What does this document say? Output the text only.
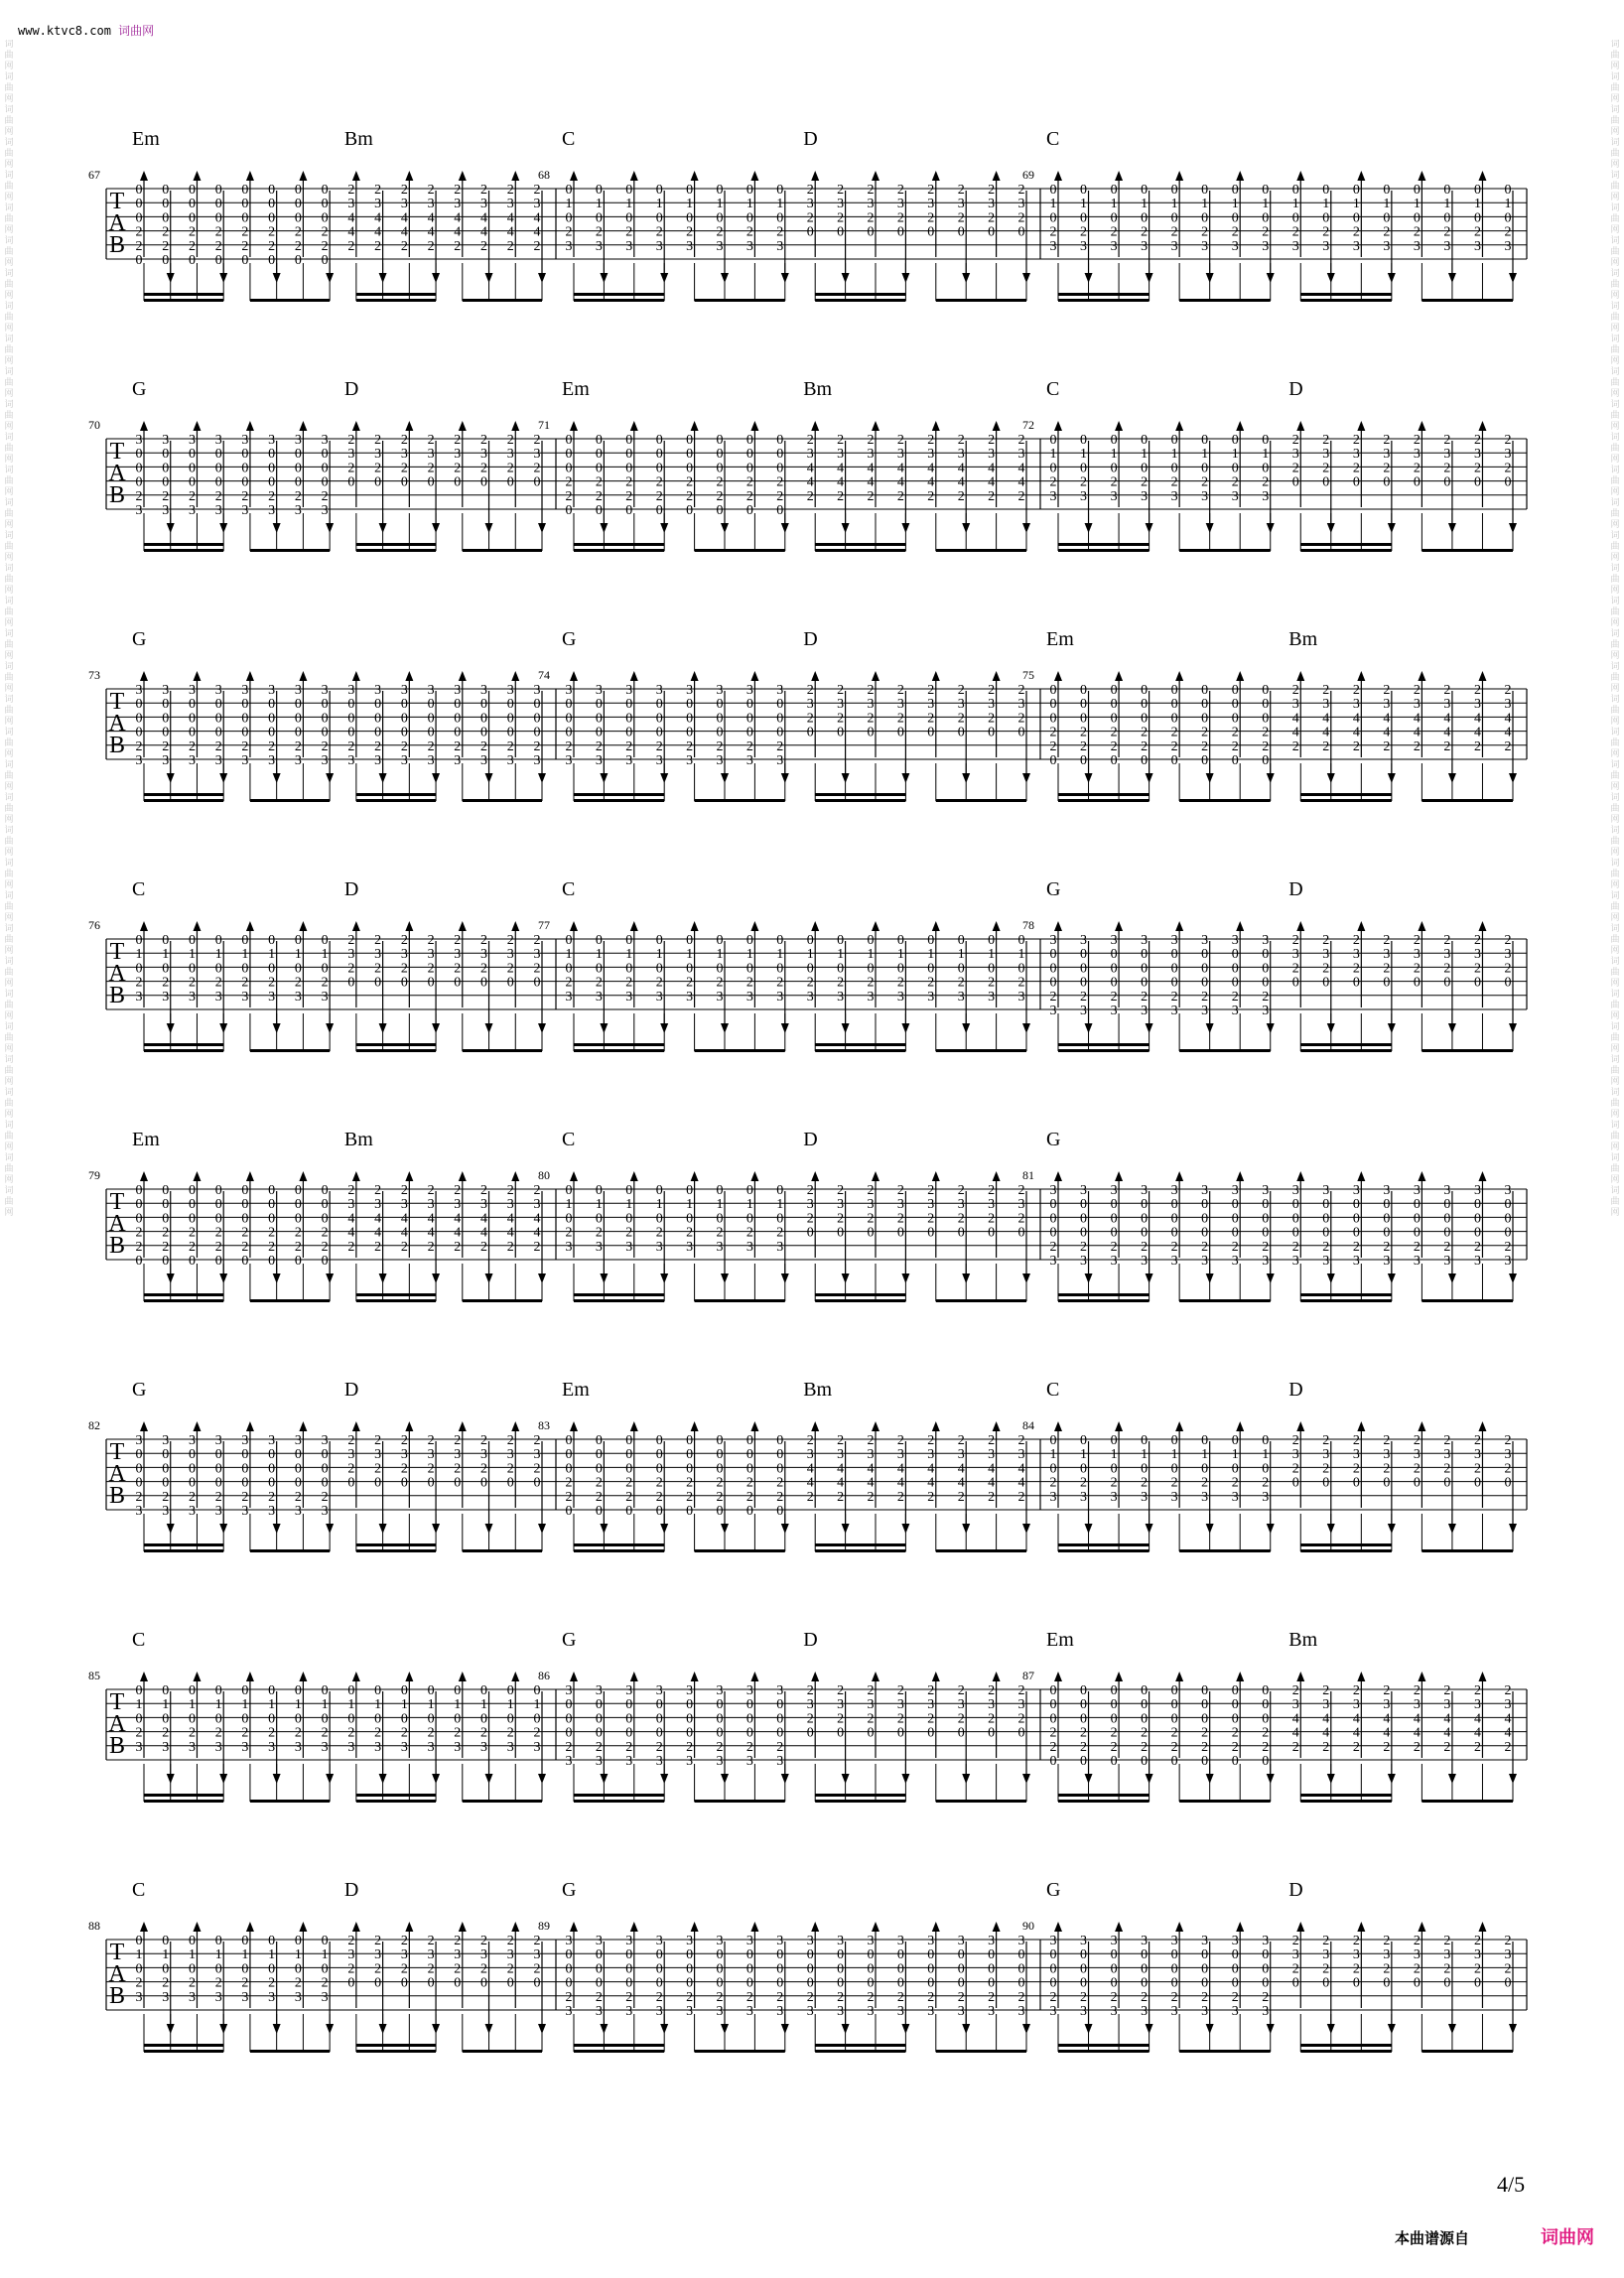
www.ktvc8.com 词曲网
词曲网词曲网词曲网词曲网词曲网词曲网词曲网词曲网词曲网词曲网词曲网词曲网词曲网词曲网词曲网词曲网词曲网词曲网词曲网词曲网词曲网词曲网词曲网词曲网词曲网词曲网词曲网词曲网词曲网词曲网词曲网词曲网词曲网词曲网词曲网词曲网
词曲网词曲网词曲网词曲网词曲网词曲网词曲网词曲网词曲网词曲网词曲网词曲网词曲网词曲网词曲网词曲网词曲网词曲网词曲网词曲网词曲网词曲网词曲网词曲网词曲网词曲网词曲网词曲网词曲网词曲网词曲网词曲网词曲网词曲网词曲网词曲网
T
A
B
67
Em	Bm
0
0
0
2
2
0
0
0
0
2
2
0
0
0
0
2
2
0
0
0
0
2
2
0
0
0
0
2
2
0
0
0
0
2
2
0
0
0
0
2
2
0
0
0
0
2
2
0
2
3
4
4
2
2
3
4
4
2
2
3
4
4
2
2
3
4
4
2
2
3
4
4
2
2
3
4
4
2
2
3
4
4
2
2
3
4
4
2
68
C	D
0
1
0
2
3
0
1
0
2
3
0
1
0
2
3
0
1
0
2
3
0
1
0
2
3
0
1
0
2
3
0
1
0
2
3
0
1
0
2
3
2
3
2
0
2
3
2
0
2
3
2
0
2
3
2
0
2
3
2
0
2
3
2
0
2
3
2
0
2
3
2
0
69
C
0
1
0
2
3
0
1
0
2
3
0
1
0
2
3
0
1
0
2
3
0
1
0
2
3
0
1
0
2
3
0
1
0
2
3
0
1
0
2
3
0
1
0
2
3
0
1
0
2
3
0
1
0
2
3
0
1
0
2
3
0
1
0
2
3
0
1
0
2
3
0
1
0
2
3
0
1
0
2
3
T
A
B
70
G	D
3
0
0
0
2
3
3
0
0
0
2
3
3
0
0
0
2
3
3
0
0
0
2
3
3
0
0
0
2
3
3
0
0
0
2
3
3
0
0
0
2
3
3
0
0
0
2
3
2
3
2
0
2
3
2
0
2
3
2
0
2
3
2
0
2
3
2
0
2
3
2
0
2
3
2
0
2
3
2
0
71
Em	Bm
0
0
0
2
2
0
0
0
0
2
2
0
0
0
0
2
2
0
0
0
0
2
2
0
0
0
0
2
2
0
0
0
0
2
2
0
0
0
0
2
2
0
0
0
0
2
2
0
2
3
4
4
2
2
3
4
4
2
2
3
4
4
2
2
3
4
4
2
2
3
4
4
2
2
3
4
4
2
2
3
4
4
2
2
3
4
4
2
72
C	D
0
1
0
2
3
0
1
0
2
3
0
1
0
2
3
0
1
0
2
3
0
1
0
2
3
0
1
0
2
3
0
1
0
2
3
0
1
0
2
3
2
3
2
0
2
3
2
0
2
3
2
0
2
3
2
0
2
3
2
0
2
3
2
0
2
3
2
0
2
3
2
0
T
A
B
73
G
3
0
0
0
2
3
3
0
0
0
2
3
3
0
0
0
2
3
3
0
0
0
2
3
3
0
0
0
2
3
3
0
0
0
2
3
3
0
0
0
2
3
3
0
0
0
2
3
3
0
0
0
2
3
3
0
0
0
2
3
3
0
0
0
2
3
3
0
0
0
2
3
3
0
0
0
2
3
3
0
0
0
2
3
3
0
0
0
2
3
3
0
0
0
2
3
74
G	D
3
0
0
0
2
3
3
0
0
0
2
3
3
0
0
0
2
3
3
0
0
0
2
3
3
0
0
0
2
3
3
0
0
0
2
3
3
0
0
0
2
3
3
0
0
0
2
3
2
3
2
0
2
3
2
0
2
3
2
0
2
3
2
0
2
3
2
0
2
3
2
0
2
3
2
0
2
3
2
0
75
Em	Bm
0
0
0
2
2
0
0
0
0
2
2
0
0
0
0
2
2
0
0
0
0
2
2
0
0
0
0
2
2
0
0
0
0
2
2
0
0
0
0
2
2
0
0
0
0
2
2
0
2
3
4
4
2
2
3
4
4
2
2
3
4
4
2
2
3
4
4
2
2
3
4
4
2
2
3
4
4
2
2
3
4
4
2
2
3
4
4
2
T
A
B
76
C	D
0
1
0
2
3
0
1
0
2
3
0
1
0
2
3
0
1
0
2
3
0
1
0
2
3
0
1
0
2
3
0
1
0
2
3
0
1
0
2
3
2
3
2
0
2
3
2
0
2
3
2
0
2
3
2
0
2
3
2
0
2
3
2
0
2
3
2
0
2
3
2
0
77
C
0
1
0
2
3
0
1
0
2
3
0
1
0
2
3
0
1
0
2
3
0
1
0
2
3
0
1
0
2
3
0
1
0
2
3
0
1
0
2
3
0
1
0
2
3
0
1
0
2
3
0
1
0
2
3
0
1
0
2
3
0
1
0
2
3
0
1
0
2
3
0
1
0
2
3
0
1
0
2
3
78
G	D
3
0
0
0
2
3
3
0
0
0
2
3
3
0
0
0
2
3
3
0
0
0
2
3
3
0
0
0
2
3
3
0
0
0
2
3
3
0
0
0
2
3
3
0
0
0
2
3
2
3
2
0
2
3
2
0
2
3
2
0
2
3
2
0
2
3
2
0
2
3
2
0
2
3
2
0
2
3
2
0
T
A
B
79
Em	Bm
0
0
0
2
2
0
0
0
0
2
2
0
0
0
0
2
2
0
0
0
0
2
2
0
0
0
0
2
2
0
0
0
0
2
2
0
0
0
0
2
2
0
0
0
0
2
2
0
2
3
4
4
2
2
3
4
4
2
2
3
4
4
2
2
3
4
4
2
2
3
4
4
2
2
3
4
4
2
2
3
4
4
2
2
3
4
4
2
80
C	D
0
1
0
2
3
0
1
0
2
3
0
1
0
2
3
0
1
0
2
3
0
1
0
2
3
0
1
0
2
3
0
1
0
2
3
0
1
0
2
3
2
3
2
0
2
3
2
0
2
3
2
0
2
3
2
0
2
3
2
0
2
3
2
0
2
3
2
0
2
3
2
0
81
G
3
0
0
0
2
3
3
0
0
0
2
3
3
0
0
0
2
3
3
0
0
0
2
3
3
0
0
0
2
3
3
0
0
0
2
3
3
0
0
0
2
3
3
0
0
0
2
3
3
0
0
0
2
3
3
0
0
0
2
3
3
0
0
0
2
3
3
0
0
0
2
3
3
0
0
0
2
3
3
0
0
0
2
3
3
0
0
0
2
3
3
0
0
0
2
3
T
A
B
82
G	D
3
0
0
0
2
3
3
0
0
0
2
3
3
0
0
0
2
3
3
0
0
0
2
3
3
0
0
0
2
3
3
0
0
0
2
3
3
0
0
0
2
3
3
0
0
0
2
3
2
3
2
0
2
3
2
0
2
3
2
0
2
3
2
0
2
3
2
0
2
3
2
0
2
3
2
0
2
3
2
0
83
Em	Bm
0
0
0
2
2
0
0
0
0
2
2
0
0
0
0
2
2
0
0
0
0
2
2
0
0
0
0
2
2
0
0
0
0
2
2
0
0
0
0
2
2
0
0
0
0
2
2
0
2
3
4
4
2
2
3
4
4
2
2
3
4
4
2
2
3
4
4
2
2
3
4
4
2
2
3
4
4
2
2
3
4
4
2
2
3
4
4
2
84
C	D
0
1
0
2
3
0
1
0
2
3
0
1
0
2
3
0
1
0
2
3
0
1
0
2
3
0
1
0
2
3
0
1
0
2
3
0
1
0
2
3
2
3
2
0
2
3
2
0
2
3
2
0
2
3
2
0
2
3
2
0
2
3
2
0
2
3
2
0
2
3
2
0
T
A
B
85
C
0
1
0
2
3
0
1
0
2
3
0
1
0
2
3
0
1
0
2
3
0
1
0
2
3
0
1
0
2
3
0
1
0
2
3
0
1
0
2
3
0
1
0
2
3
0
1
0
2
3
0
1
0
2
3
0
1
0
2
3
0
1
0
2
3
0
1
0
2
3
0
1
0
2
3
0
1
0
2
3
86
G	D
3
0
0
0
2
3
3
0
0
0
2
3
3
0
0
0
2
3
3
0
0
0
2
3
3
0
0
0
2
3
3
0
0
0
2
3
3
0
0
0
2
3
3
0
0
0
2
3
2
3
2
0
2
3
2
0
2
3
2
0
2
3
2
0
2
3
2
0
2
3
2
0
2
3
2
0
2
3
2
0
87
Em	Bm
0
0
0
2
2
0
0
0
0
2
2
0
0
0
0
2
2
0
0
0
0
2
2
0
0
0
0
2
2
0
0
0
0
2
2
0
0
0
0
2
2
0
0
0
0
2
2
0
2
3
4
4
2
2
3
4
4
2
2
3
4
4
2
2
3
4
4
2
2
3
4
4
2
2
3
4
4
2
2
3
4
4
2
2
3
4
4
2
T
A
B
88
C	D
0
1
0
2
3
0
1
0
2
3
0
1
0
2
3
0
1
0
2
3
0
1
0
2
3
0
1
0
2
3
0
1
0
2
3
0
1
0
2
3
2
3
2
0
2
3
2
0
2
3
2
0
2
3
2
0
2
3
2
0
2
3
2
0
2
3
2
0
2
3
2
0
89
G
3
0
0
0
2
3
3
0
0
0
2
3
3
0
0
0
2
3
3
0
0
0
2
3
3
0
0
0
2
3
3
0
0
0
2
3
3
0
0
0
2
3
3
0
0
0
2
3
3
0
0
0
2
3
3
0
0
0
2
3
3
0
0
0
2
3
3
0
0
0
2
3
3
0
0
0
2
3
3
0
0
0
2
3
3
0
0
0
2
3
3
0
0
0
2
3
90
G	D
3
0
0
0
2
3
3
0
0
0
2
3
3
0
0
0
2
3
3
0
0
0
2
3
3
0
0
0
2
3
3
0
0
0
2
3
3
0
0
0
2
3
3
0
0
0
2
3
2
3
2
0
2
3
2
0
2
3
2
0
2
3
2
0
2
3
2
0
2
3
2
0
2
3
2
0
2
3
2
0
4/5
本曲谱源自	词曲网
